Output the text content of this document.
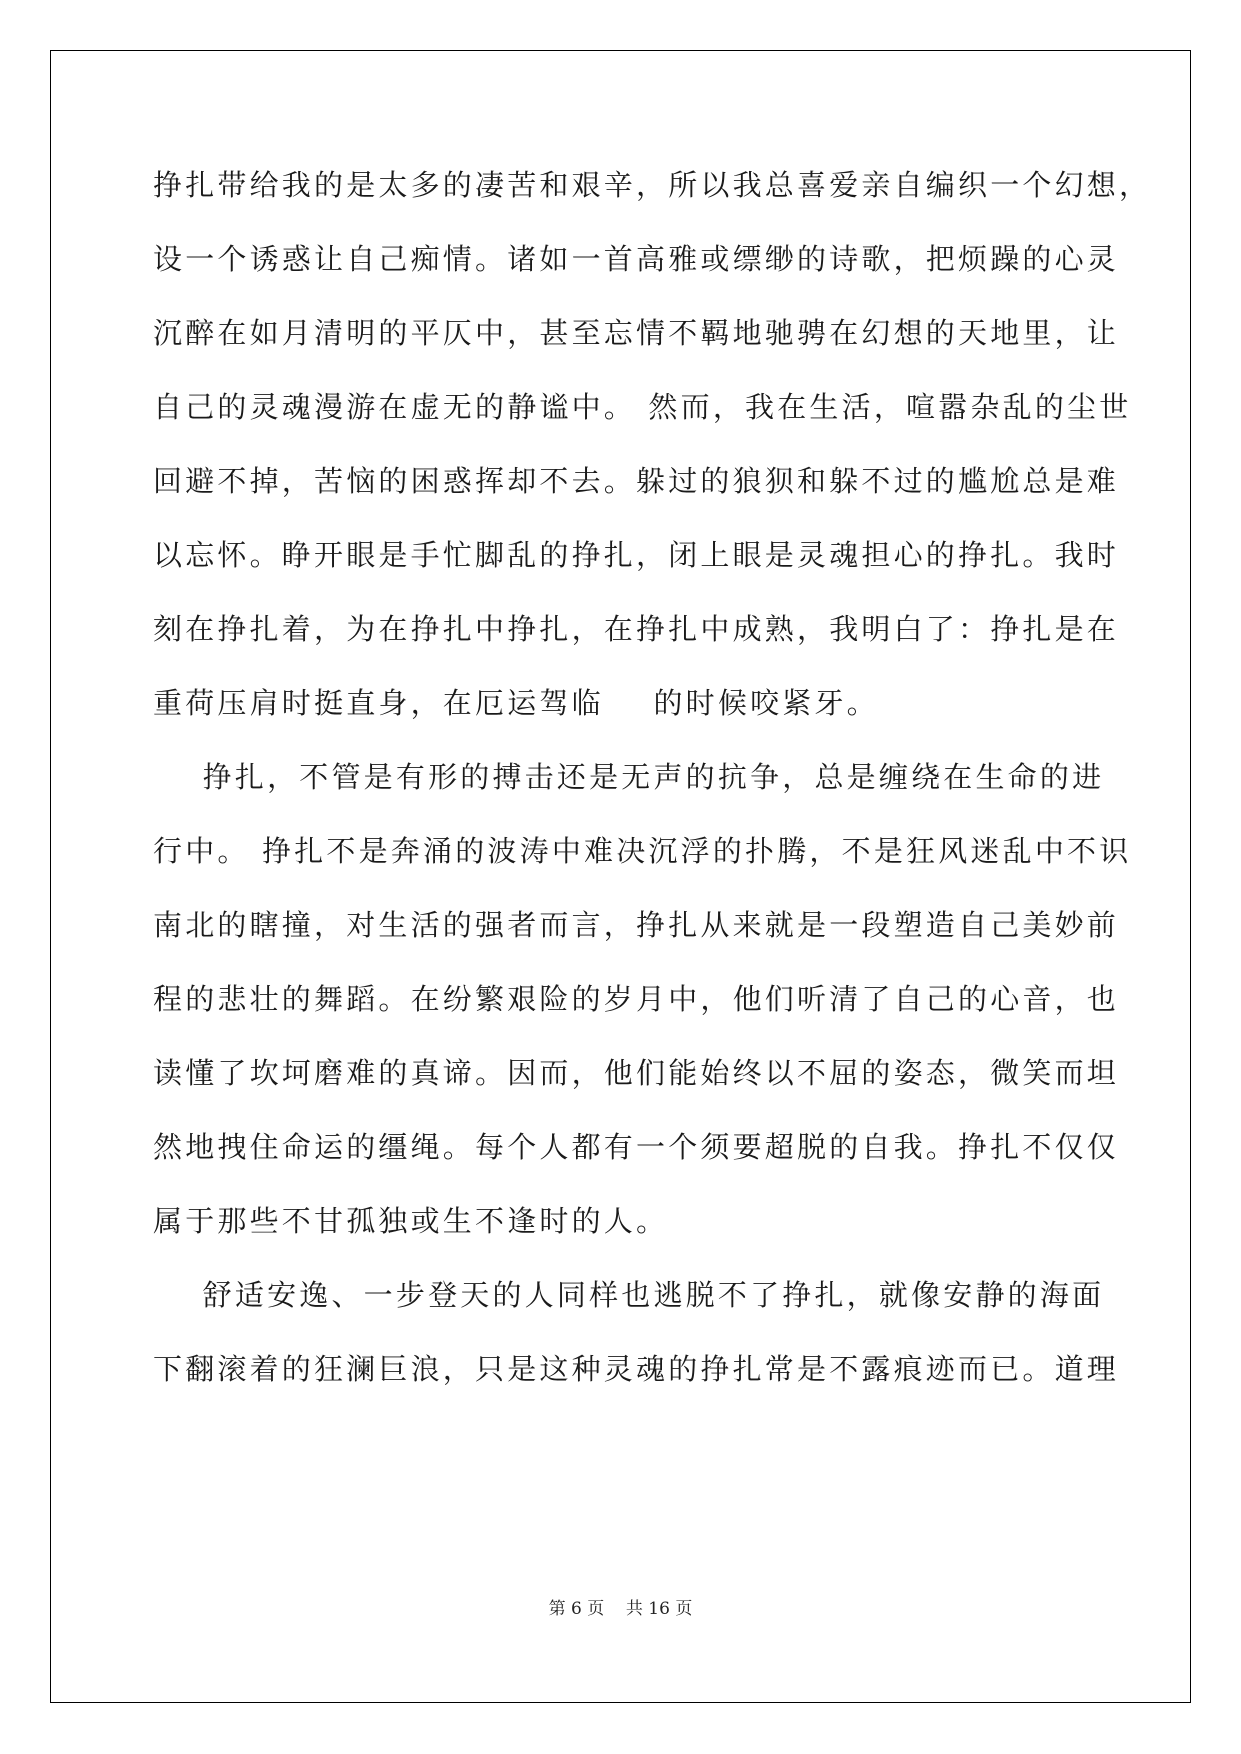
挣扎带给我的是太多的凄苦和艰辛，所以我总喜爱亲自编织一个幻想，
设一个诱惑让自己痴情。诸如一首高雅或缥缈的诗歌，把烦躁的心灵
沉醉在如月清明的平仄中，甚至忘情不羁地驰骋在幻想的天地里，让
自己的灵魂漫游在虚无的静谧中。 然而，我在生活，喧嚣杂乱的尘世
回避不掉，苦恼的困惑挥却不去。躲过的狼狈和躲不过的尴尬总是难
以忘怀。睁开眼是手忙脚乱的挣扎，闭上眼是灵魂担心的挣扎。我时
刻在挣扎着，为在挣扎中挣扎，在挣扎中成熟，我明白了：挣扎是在
重荷压肩时挺直身，在厄运驾临    的时候咬紧牙。
挣扎，不管是有形的搏击还是无声的抗争，总是缠绕在生命的进
行中。 挣扎不是奔涌的波涛中难决沉浮的扑腾，不是狂风迷乱中不识
南北的瞎撞，对生活的强者而言，挣扎从来就是一段塑造自己美妙前
程的悲壮的舞蹈。在纷繁艰险的岁月中，他们听清了自己的心音，也
读懂了坎坷磨难的真谛。因而，他们能始终以不屈的姿态，微笑而坦
然地拽住命运的缰绳。每个人都有一个须要超脱的自我。挣扎不仅仅
属于那些不甘孤独或生不逢时的人。
舒适安逸、一步登天的人同样也逃脱不了挣扎，就像安静的海面
下翻滚着的狂澜巨浪，只是这种灵魂的挣扎常是不露痕迹而已。道理
第 6 页    共 16 页
